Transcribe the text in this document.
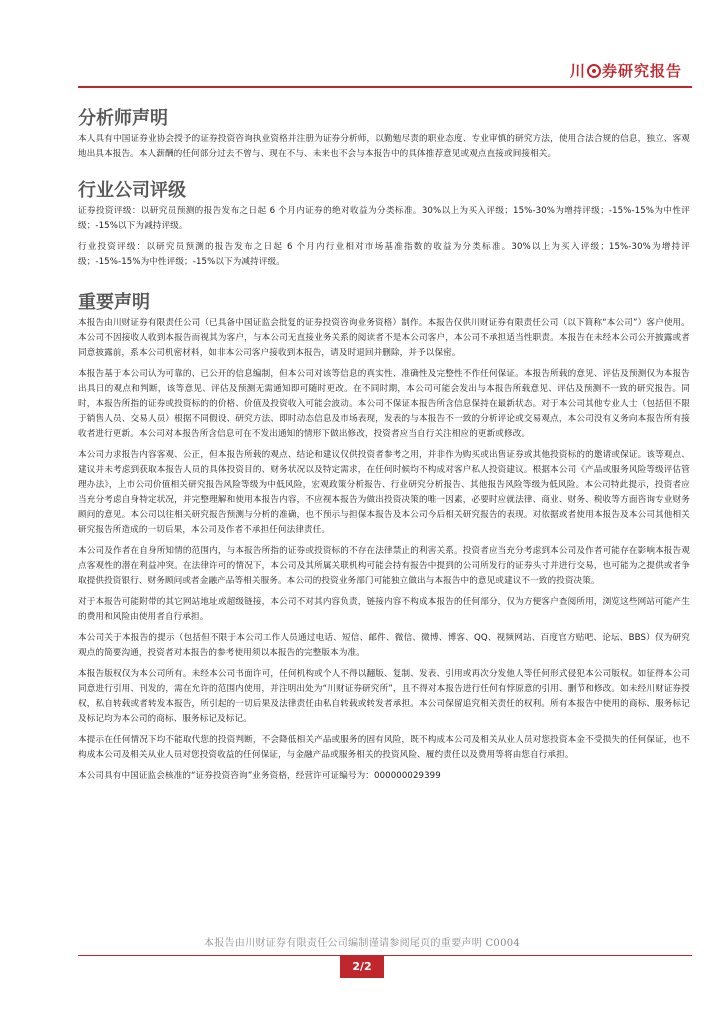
川 券研究报告
分析师声明

本人具有中国证券业协会授予的证券投资咨询执业资格并注册为证券分析师，以勤勉尽责的职业态度、专业审慎的研究方法，使用合法合规的信息，独立、客观地出具本报告。本人薪酬的任何部分过去不曾与、现在不与、未来也不会与本报告中的具体推荐意见或观点直接或间接相关。

行业公司评级

证券投资评级：以研究员预测的报告发布之日起 6 个月内证券的绝对收益为分类标准。30%以上为买入评级；15%-30%为增持评级；-15%-15%为中性评级；-15%以下为减持评级。

行业投资评级：以研究员预测的报告发布之日起 6 个月内行业相对市场基准指数的收益为分类标准。30%以上为买入评级；15%-30%为增持评级；-15%-15%为中性评级；-15%以下为减持评级。

重要声明

本报告由川财证券有限责任公司（已具备中国证监会批复的证券投资咨询业务资格）制作。本报告仅供川财证券有限责任公司（以下简称“本公司”）客户使用。本公司不因接收人收到本报告而视其为客户，与本公司无直接业务关系的阅读者不是本公司客户，本公司不承担适当性职责。本报告在未经本公司公开披露或者同意披露前，系本公司机密材料，如非本公司客户接收到本报告，请及时退回并删除，并予以保密。

本报告基于本公司认为可靠的、已公开的信息编制，但本公司对该等信息的真实性、准确性及完整性不作任何保证。本报告所载的意见、评估及预测仅为本报告出具日的观点和判断，该等意见、评估及预测无需通知即可随时更改。在不同时期，本公司可能会发出与本报告所载意见、评估及预测不一致的研究报告。同时，本报告所指的证券或投资标的的价格、价值及投资收入可能会波动。本公司不保证本报告所含信息保持在最新状态。对于本公司其他专业人士（包括但不限于销售人员、交易人员）根据不同假设、研究方法、即时动态信息及市场表现，发表的与本报告不一致的分析评论或交易观点，本公司没有义务向本报告所有接收者进行更新。本公司对本报告所含信息可在不发出通知的情形下做出修改，投资者应当自行关注相应的更新或修改。

本公司力求报告内容客观、公正，但本报告所载的观点、结论和建议仅供投资者参考之用，并非作为购买或出售证券或其他投资标的的邀请或保证。该等观点、建议并未考虑到获取本报告人员的具体投资目的、财务状况以及特定需求，在任何时候均不构成对客户私人投资建议。根据本公司《产品或服务风险等级评估管理办法》，上市公司价值相关研究报告风险等级为中低风险，宏观政策分析报告、行业研究分析报告、其他报告风险等级为低风险。本公司特此提示，投资者应当充分考虑自身特定状况，并完整理解和使用本报告内容，不应视本报告为做出投资决策的唯一因素，必要时应就法律、商业、财务、税收等方面咨询专业财务顾问的意见。本公司以往相关研究报告预测与分析的准确，也不预示与担保本报告及本公司今后相关研究报告的表现。对依据或者使用本报告及本公司其他相关研究报告所造成的一切后果，本公司及作者不承担任何法律责任。

本公司及作者在自身所知情的范围内，与本报告所指的证券或投资标的不存在法律禁止的利害关系。投资者应当充分考虑到本公司及作者可能存在影响本报告观点客观性的潜在利益冲突。在法律许可的情况下，本公司及其所属关联机构可能会持有报告中提到的公司所发行的证券头寸并进行交易，也可能为之提供或者争取提供投资银行、财务顾问或者金融产品等相关服务。本公司的投资业务部门可能独立做出与本报告中的意见或建议不一致的投资决策。

对于本报告可能附带的其它网站地址或超级链接，本公司不对其内容负责，链接内容不构成本报告的任何部分，仅为方便客户查阅所用，浏览这些网站可能产生的费用和风险由使用者自行承担。

本公司关于本报告的提示（包括但不限于本公司工作人员通过电话、短信、邮件、微信、微博、博客、QQ、视频网站、百度官方贴吧、论坛、BBS）仅为研究观点的简要沟通，投资者对本报告的参考使用须以本报告的完整版本为准。

本报告版权仅为本公司所有。未经本公司书面许可，任何机构或个人不得以翻版、复制、发表、引用或再次分发他人等任何形式侵犯本公司版权。如征得本公司同意进行引用、刊发的，需在允许的范围内使用，并注明出处为“川财证券研究所”，且不得对本报告进行任何有悖原意的引用、删节和修改。如未经川财证券授权，私自转载或者转发本报告，所引起的一切后果及法律责任由私自转载或转发者承担。本公司保留追究相关责任的权利。所有本报告中使用的商标、服务标记及标记均为本公司的商标、服务标记及标记。

本提示在任何情况下均不能取代您的投资判断，不会降低相关产品或服务的固有风险，既不构成本公司及相关从业人员对您投资本金不受损失的任何保证，也不构成本公司及相关从业人员对您投资收益的任何保证，与金融产品或服务相关的投资风险、履约责任以及费用等将由您自行承担。

本公司具有中国证监会核准的“证券投资咨询”业务资格，经营许可证编号为：000000029399

本报告由川财证券有限责任公司编制谨请参阅尾页的重要声明 C0004
2/2
